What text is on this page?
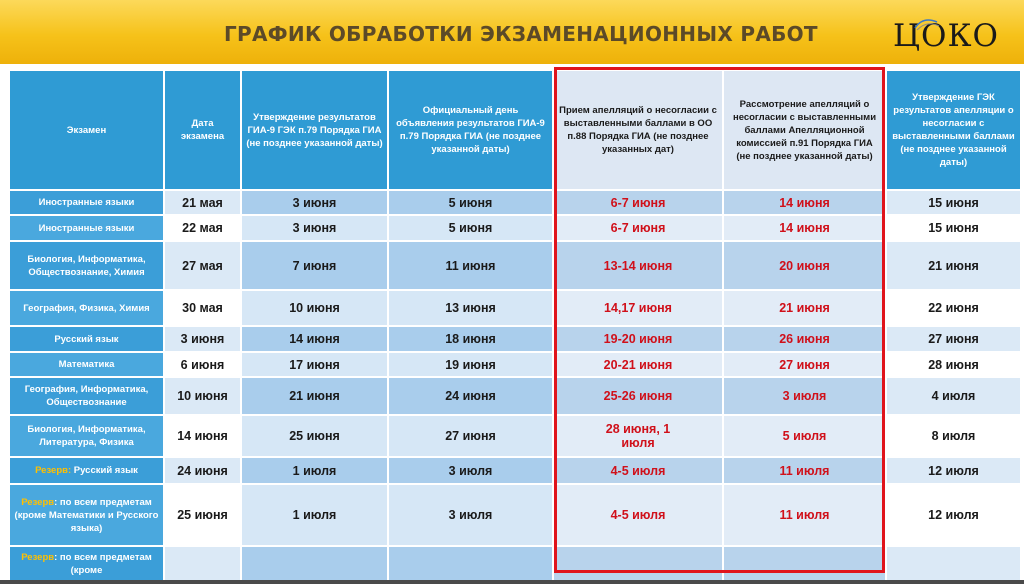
ГРАФИК ОБРАБОТКИ ЭКЗАМЕНАЦИОННЫХ РАБОТ ЦОКО
Экзамен	Дата экзамена	Утверждение результатов ГИА-9 ГЭК п.79 Порядка ГИА (не позднее указанной даты)	Официальный день объявления результатов ГИА-9 п.79 Порядка ГИА (не позднее указанной даты)	Прием апелляций о несогласии с выставленными баллами в ОО п.88 Порядка ГИА (не позднее указанных дат)	Рассмотрение апелляций о несогласии с выставленными баллами Апелляционной комиссией п.91 Порядка ГИА (не позднее указанной даты)	Утверждение ГЭК результатов апелляции о несогласии с выставленными баллами (не позднее указанной даты)
Иностранные языки	21 мая	3 июня	5 июня	6-7 июня	14 июня	15 июня
Иностранные языки	22 мая	3 июня	5 июня	6-7 июня	14 июня	15 июня
Биология, Информатика, Обществознание, Химия	27 мая	7 июня	11 июня	13-14 июня	20 июня	21 июня
География, Физика, Химия	30 мая	10 июня	13 июня	14,17 июня	21 июня	22 июня
Русский язык	3 июня	14 июня	18 июня	19-20 июня	26 июня	27 июня
Математика	6 июня	17 июня	19 июня	20-21 июня	27 июня	28 июня
География, Информатика, Обществознание	10 июня	21 июня	24 июня	25-26 июня	3 июля	4 июля
Биология, Информатика, Литература, Физика	14 июня	25 июня	27 июня	28 июня, 1 июля	5 июля	8 июля
Резерв: Русский язык	24 июня	1 июля	3 июля	4-5 июля	11 июля	12 июля
Резерв: по всем предметам (кроме Математики и Русского языка)	25 июня	1 июля	3 июля	4-5 июля	11 июля	12 июля
Резерв: по всем предметам (кроме						
